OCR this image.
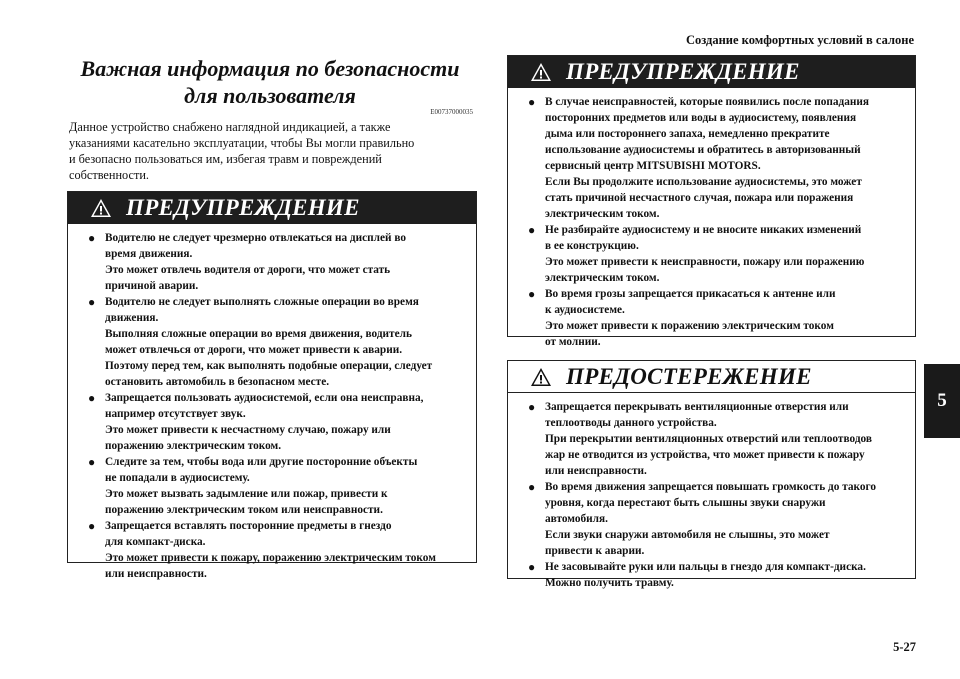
Создание комфортных условий в салоне
5
5-27
Важная информация по безопасности
для пользователя
E00737000035
Данное устройство снабжено наглядной индикацией, а также
указаниями касательно эксплуатации, чтобы Вы могли правильно
и безопасно пользоваться им, избегая травм и повреждений
собственности.
ПРЕДУПРЕЖДЕНИЕ
● Водителю не следует чрезмерно отвлекаться на дисплей во
время движения.
Это может отвлечь водителя от дороги, что может стать
причиной аварии.
● Водителю не следует выполнять сложные операции во время
движения.
Выполняя сложные операции во время движения, водитель
может отвлечься от дороги, что может привести к аварии.
Поэтому перед тем, как выполнять подобные операции, следует
остановить автомобиль в безопасном месте.
● Запрещается пользовать аудиосистемой, если она неисправна,
например отсутствует звук.
Это может привести к несчастному случаю, пожару или
поражению электрическим током.
● Следите за тем, чтобы вода или другие посторонние объекты
не попадали в аудиосистему.
Это может вызвать задымление или пожар, привести к
поражению электрическим током или неисправности.
● Запрещается вставлять посторонние предметы в гнездо
для компакт-диска.
Это может привести к пожару, поражению электрическим током
или неисправности.
ПРЕДУПРЕЖДЕНИЕ
● В случае неисправностей, которые появились после попадания
посторонних предметов или воды в аудиосистему, появления
дыма или постороннего запаха, немедленно прекратите
использование аудиосистемы и обратитесь в авторизованный
сервисный центр MITSUBISHI MOTORS.
Если Вы продолжите использование аудиосистемы, это может
стать причиной несчастного случая, пожара или поражения
электрическим током.
● Не разбирайте аудиосистему и не вносите никаких изменений
в ее конструкцию.
Это может привести к неисправности, пожару или поражению
электрическим током.
● Во время грозы запрещается прикасаться к антенне или
к аудиосистеме.
Это может привести к поражению электрическим током
от молнии.
ПРЕДОСТЕРЕЖЕНИЕ
● Запрещается перекрывать вентиляционные отверстия или
теплоотводы данного устройства.
При перекрытии вентиляционных отверстий или теплоотводов
жар не отводится из устройства, что может привести к пожару
или неисправности.
● Во время движения запрещается повышать громкость до такого
уровня, когда перестают быть слышны звуки снаружи
автомобиля.
Если звуки снаружи автомобиля не слышны, это может
привести к аварии.
● Не засовывайте руки или пальцы в гнездо для компакт-диска.
Можно получить травму.
